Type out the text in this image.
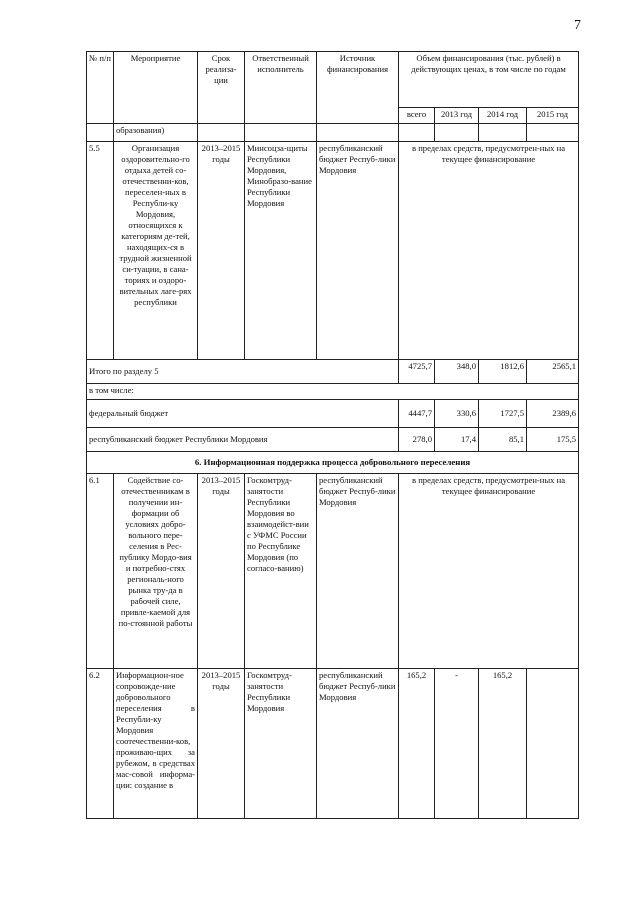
7
№ п/п	Мероприятие	Срок реализа-ции	Ответственный исполнитель	Источник финансирования	Объем финансирования (тыс. рублей) в действующих ценах, в том числе по годам			
					всего	2013 год	2014 год	2015 год
	образования)							
5.5	Организация оздоровительно-го отдыха детей со-отечественни-ков, переселен-ных в Республи-ку Мордовия, относящихся к категориям де-тей, находящих-ся в трудной жизненной си-туации, в сана-ториях и оздоро-вительных лаге-рях республики	2013–2015 годы	Минсоцза-щиты Республики Мордовия, Минобразо-вание Республики Мордовия	республиканский бюджет Респуб-лики Мордовия	в пределах средств, предусмотрен-ных на текущее финансирование			
Итого по разделу 5					4725,7	348,0	1812,6	2565,1
в том числе:								
федеральный бюджет					4447,7	330,6	1727,5	2389,6
республиканский бюджет Республики Мордовия					278,0	17,4	85,1	175,5
6. Информационная поддержка процесса добровольного переселения								
6.1	Содействие со-отечественникам в получении ин-формации об условиях добро-вольного пере-селения в Рес-публику Мордо-вия и потребно-стях региональ-ного рынка тру-да в рабочей силе, привле-каемой для по-стоянной работы	2013–2015 годы	Госкомтруд-занятости Республики Мордовия во взаимодейст-вии с УФМС России по Республике Мордовия (по согласо-ванию)	республиканский бюджет Респуб-лики Мордовия	в пределах средств, предусмотрен-ных на текущее финансирование			
6.2	Информацион-ное сопровожде-ние добровольного переселения в Республи-ку Мордовия соотечественни-ков, проживаю-щих за рубежом, в средствах мас-совой информа-ции: создание в	2013–2015 годы	Госкомтруд-занятости Республики Мордовия	республиканский бюджет Респуб-лики Мордовия	165,2	-	165,2	
